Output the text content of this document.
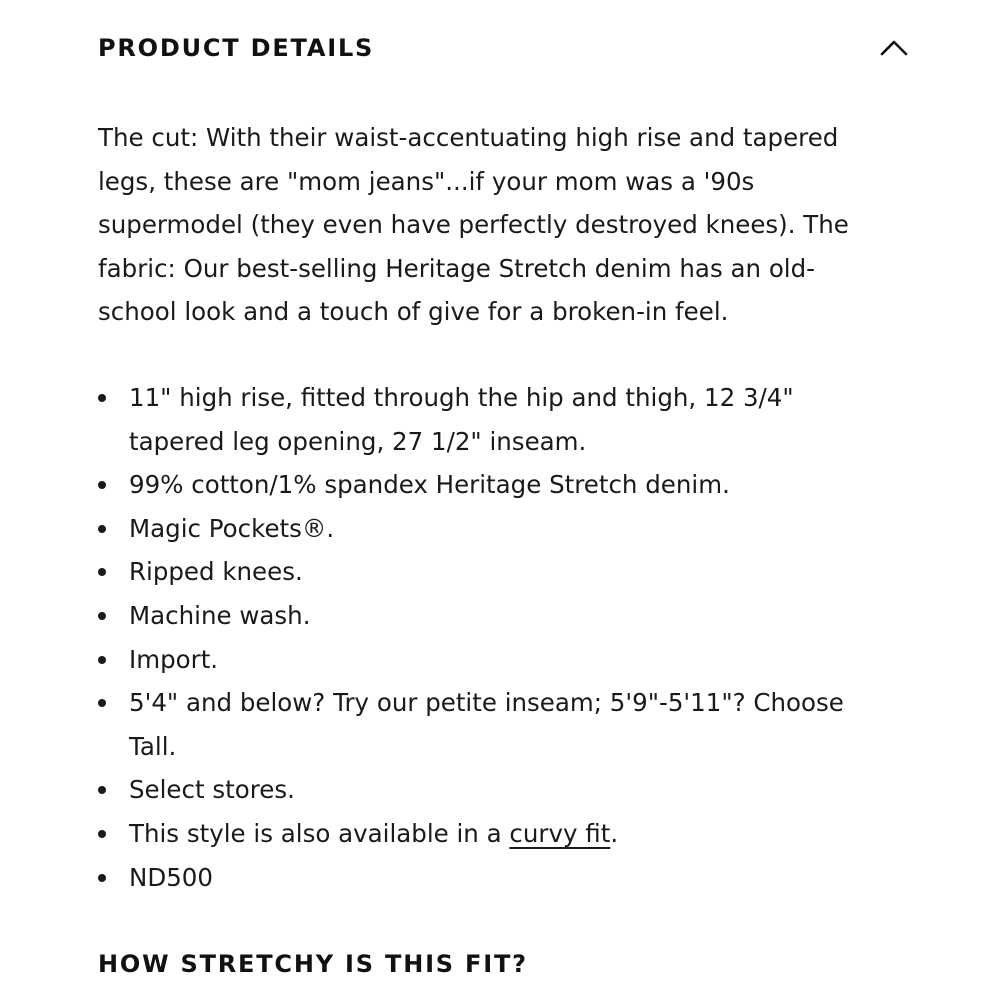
PRODUCT DETAILS

The cut: With their waist-accentuating high rise and tapered legs, these are "mom jeans"...if your mom was a '90s supermodel (they even have perfectly destroyed knees). The fabric: Our best-selling Heritage Stretch denim has an old-school look and a touch of give for a broken-in feel.

11" high rise, fitted through the hip and thigh, 12 3/4" tapered leg opening, 27 1/2" inseam.
99% cotton/1% spandex Heritage Stretch denim.
Magic Pockets®.
Ripped knees.
Machine wash.
Import.
5'4" and below? Try our petite inseam; 5'9"-5'11"? Choose Tall.
Select stores.
This style is also available in a curvy fit.
ND500
HOW STRETCHY IS THIS FIT?
